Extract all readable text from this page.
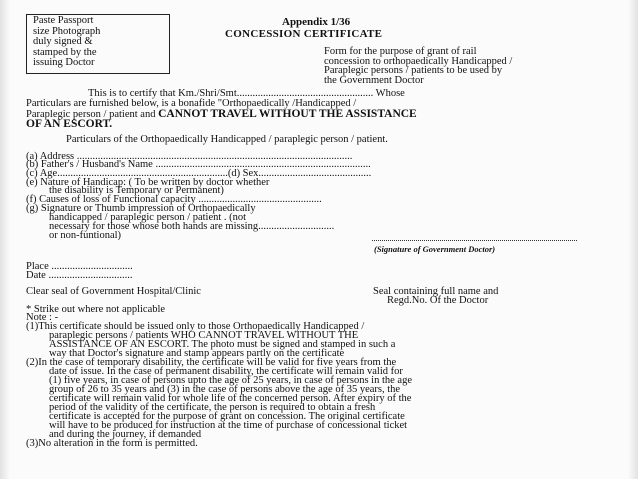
Paste Passport
size Photograph
duly signed &
stamped by the
issuing Doctor
Appendix 1/36
CONCESSION CERTIFICATE
Form for the purpose of grant of rail
concession to orthopaedically Handicapped /
Paraplegic persons / patients to be used by
the Government Doctor
This is to certify that Km./Shri/Smt.................................................... Whose
Particulars are furnished below, is a bonafide "Orthopaedically /Handicapped /
Paraplegic person / patient and CANNOT TRAVEL WITHOUT THE ASSISTANCE
OF AN ESCORT.
Particulars of the Orthopaedically Handicapped / paraplegic person / patient.
(a) Address .........................................................................................................
(b) Father's / Husband's Name ..................................................................................
(c) Age.................................................................(d) Sex...........................................
(e) Nature of Handicap: ( To be written by doctor whether
the disability is Temporary or Permanent)
(f) Causes of loss of Functional capacity ...............................................
(g) Signature or Thumb impression of Orthopaedically
handicapped / paraplegic person / patient . (not
necessary for those whose both hands are missing.............................
or non-funtional)
(Signature of Government Doctor)
Place ...............................
Date ................................
Clear seal of Government Hospital/Clinic	Seal containing full name and
Regd.No. Of the Doctor
* Strike out where not applicable
Note : -
(1)This certificate should be issued only to those Orthopaedically Handicapped /
paraplegic persons / patients WHO CANNOT TRAVEL WITHOUT THE
ASSISTANCE OF AN ESCORT. The photo must be signed and stamped in such a
way that Doctor's signature and stamp appears partly on the certificate
(2)In the case of temporary disability, the certificate will be valid for five years from the
date of issue. In the case of permanent disability, the certificate will remain valid for
(1) five years, in case of persons upto the age of 25 years, in case of persons in the age
group of 26 to 35 years and (3) in the case of persons above the age of 35 years, the
certificate will remain valid for whole life of the concerned person. After expiry of the
period of the validity of the certificate, the person is required to obtain a fresh
certificate is accepted for the purpose of grant on concession. The original certificate
will have to be produced for instruction at the time of purchase of concessional ticket
and during the journey, if demanded
(3)No alteration in the form is permitted.
